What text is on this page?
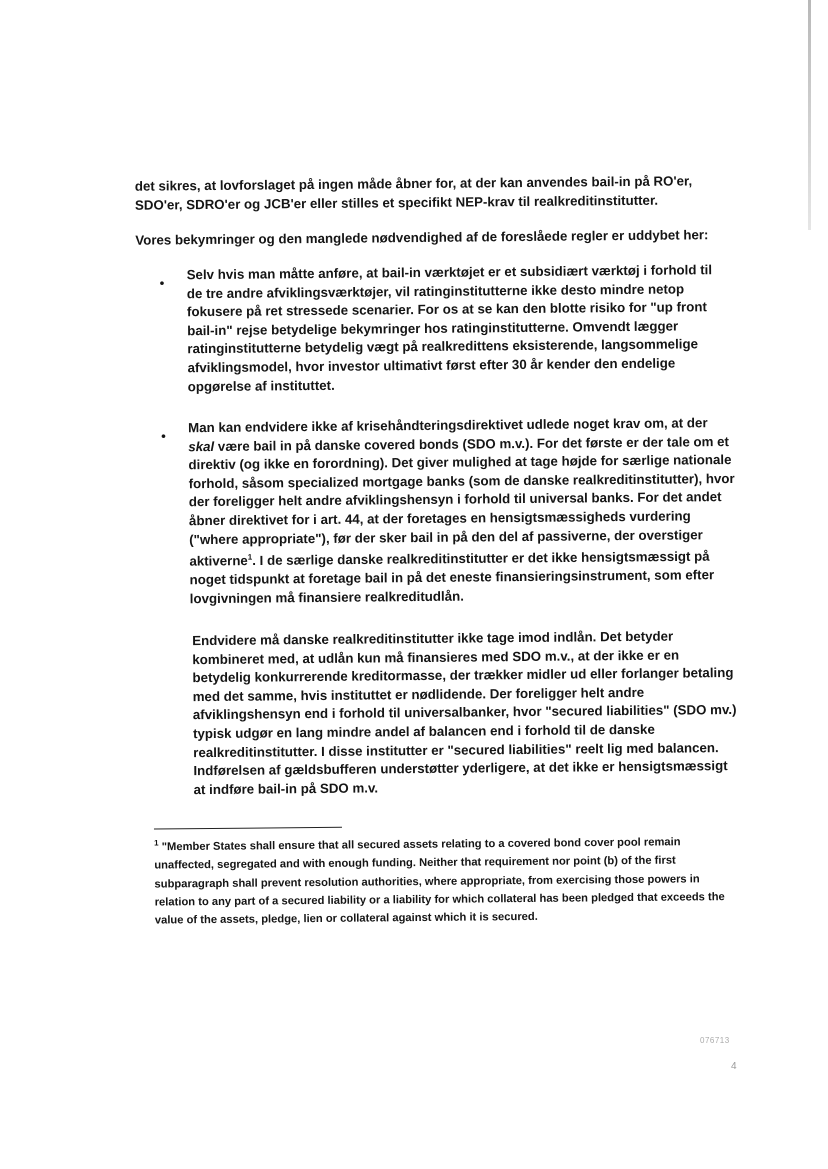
det sikres, at lovforslaget på ingen måde åbner for, at der kan anvendes bail-in på RO'er, SDO'er, SDRO'er og JCB'er eller stilles et specifikt NEP-krav til realkreditinstitutter.

Vores bekymringer og den manglede nødvendighed af de foreslåede regler er uddybet her:

•

Selv hvis man måtte anføre, at bail-in værktøjet er et subsidiært værktøj i forhold til de tre andre afviklingsværktøjer, vil ratinginstitutterne ikke desto mindre netop fokusere på ret stressede scenarier. For os at se kan den blotte risiko for "up front bail-in" rejse betydelige bekymringer hos ratinginstitutterne. Omvendt lægger ratinginstitutterne betydelig vægt på realkredittens eksisterende, langsommelige afviklingsmodel, hvor investor ultimativt først efter 30 år kender den endelige opgørelse af instituttet.

•

Man kan endvidere ikke af krisehåndteringsdirektivet udlede noget krav om, at der skal være bail in på danske covered bonds (SDO m.v.). For det første er der tale om et direktiv (og ikke en forordning). Det giver mulighed at tage højde for særlige nationale forhold, såsom specialized mortgage banks (som de danske realkreditinstitutter), hvor der foreligger helt andre afviklingshensyn i forhold til universal banks. For det andet åbner direktivet for i art. 44, at der foretages en hensigtsmæssigheds vurdering ("where appropriate"), før der sker bail in på den del af passiverne, der overstiger aktiverne$^1$. I de særlige danske realkreditinstitutter er det ikke hensigtsmæssigt på noget tidspunkt at foretage bail in på det eneste finansieringsinstrument, som efter lovgivningen må finansiere realkreditudlån.

Endvidere må danske realkreditinstitutter ikke tage imod indlån. Det betyder kombineret med, at udlån kun må finansieres med SDO m.v., at der ikke er en betydelig konkurrerende kreditormasse, der trækker midler ud eller forlanger betaling med det samme, hvis instituttet er nødlidende. Der foreligger helt andre afviklingshensyn end i forhold til universalbanker, hvor "secured liabilities" (SDO mv.) typisk udgør en lang mindre andel af balancen end i forhold til de danske realkreditinstitutter. I disse institutter er "secured liabilities" reelt lig med balancen. Indførelsen af gældsbufferen understøtter yderligere, at det ikke er hensigtsmæssigt at indføre bail-in på SDO m.v.

$^1$ "Member States shall ensure that all secured assets relating to a covered bond cover pool remain unaffected, segregated and with enough funding. Neither that requirement nor point (b) of the first subparagraph shall prevent resolution authorities, where appropriate, from exercising those powers in relation to any part of a secured liability or a liability for which collateral has been pledged that exceeds the value of the assets, pledge, lien or collateral against which it is secured.

076713
4
